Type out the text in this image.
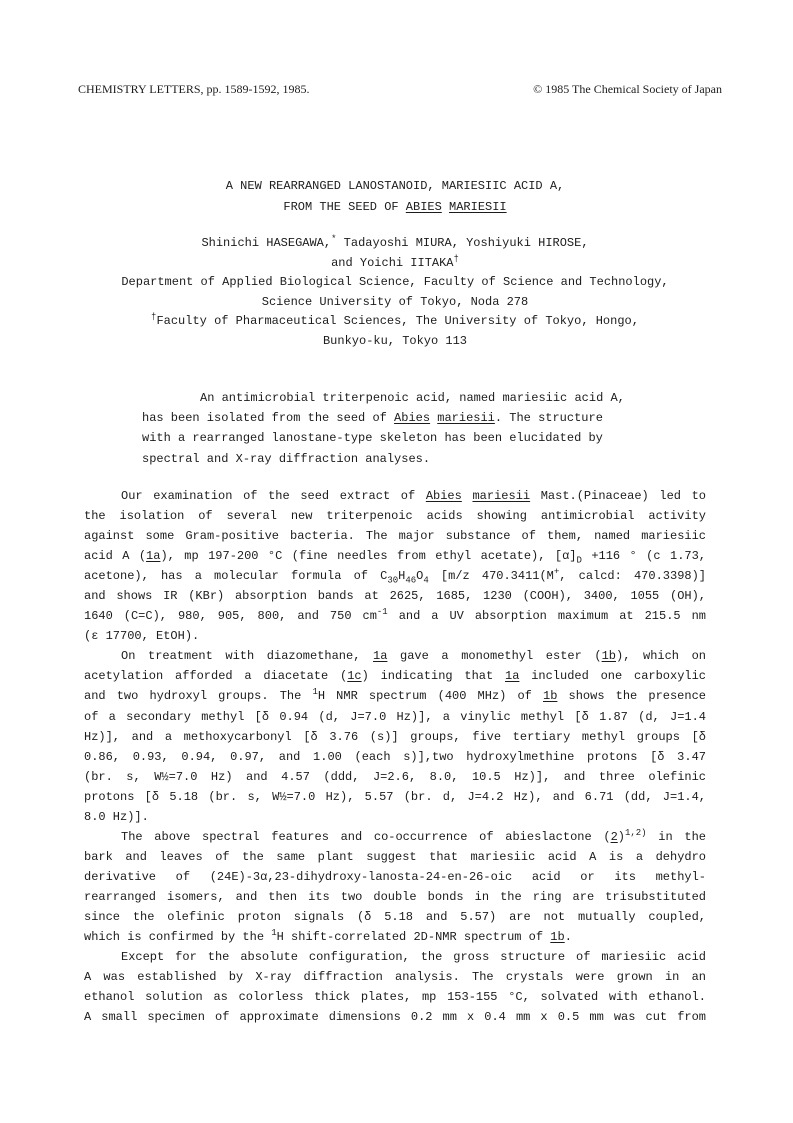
CHEMISTRY LETTERS, pp. 1589-1592, 1985.	© 1985 The Chemical Society of Japan
A NEW REARRANGED LANOSTANOID, MARIESIIC ACID A,
FROM THE SEED OF ABIES MARIESII
Shinichi HASEGAWA,* Tadayoshi MIURA, Yoshiyuki HIROSE,
and Yoichi IITAKA†
Department of Applied Biological Science, Faculty of Science and Technology,
Science University of Tokyo, Noda 278
†Faculty of Pharmaceutical Sciences, The University of Tokyo, Hongo,
Bunkyo-ku, Tokyo 113
An antimicrobial triterpenoic acid, named mariesiic acid A,
has been isolated from the seed of Abies mariesii. The structure
with a rearranged lanostane-type skeleton has been elucidated by
spectral and X-ray diffraction analyses.
Our examination of the seed extract of Abies mariesii Mast.(Pinaceae) led to
the isolation of several new triterpenoic acids showing antimicrobial activity
against some Gram-positive bacteria. The major substance of them, named mariesiic
acid A (1a), mp 197-200 °C (fine needles from ethyl acetate), $[\alpha]_D +116$ ° (c 1.73,
acetone), has a molecular formula of $C_{30}H_{46}O_4$ [m/z 470.3411(M+, calcd: 470.3398)]
and shows IR (KBr) absorption bands at 2625, 1685, 1230 (COOH), 3400, 1055 (OH),
1640 (C=C), 980, 905, 800, and 750 $cm^{-1}$ and a UV absorption maximum at 215.5 nm
(ε 17700, EtOH).
On treatment with diazomethane, 1a gave a monomethyl ester (1b), which on
acetylation afforded a diacetate (1c) indicating that 1a included one carboxylic
and two hydroxyl groups. The $^1$H NMR spectrum (400 MHz) of 1b shows the presence
of a secondary methyl [δ 0.94 (d, J=7.0 Hz)], a vinylic methyl [δ 1.87 (d, J=1.4
Hz)], and a methoxycarbonyl [δ 3.76 (s)] groups, five tertiary methyl groups [δ
0.86, 0.93, 0.94, 0.97, and 1.00 (each s)],two hydroxylmethine protons [δ 3.47
(br. s, W½=7.0 Hz) and 4.57 (ddd, J=2.6, 8.0, 10.5 Hz)], and three olefinic
protons [δ 5.18 (br. s, W½=7.0 Hz), 5.57 (br. d, J=4.2 Hz), and 6.71 (dd, J=1.4,
8.0 Hz)].
The above spectral features and co-occurrence of abieslactone $(2)^{1,2)}$ in the
bark and leaves of the same plant suggest that mariesiic acid A is a dehydro
derivative of (24E)-3α,23-dihydroxy-lanosta-24-en-26-oic acid or its methyl-
rearranged isomers, and then its two double bonds in the ring are trisubstituted
since the olefinic proton signals (δ 5.18 and 5.57) are not mutually coupled,
which is confirmed by the $^1$H shift-correlated 2D-NMR spectrum of 1b.
Except for the absolute configuration, the gross structure of mariesiic acid
A was established by X-ray diffraction analysis. The crystals were grown in an
ethanol solution as colorless thick plates, mp 153-155 °C, solvated with ethanol.
A small specimen of approximate dimensions 0.2 mm x 0.4 mm x 0.5 mm was cut from
